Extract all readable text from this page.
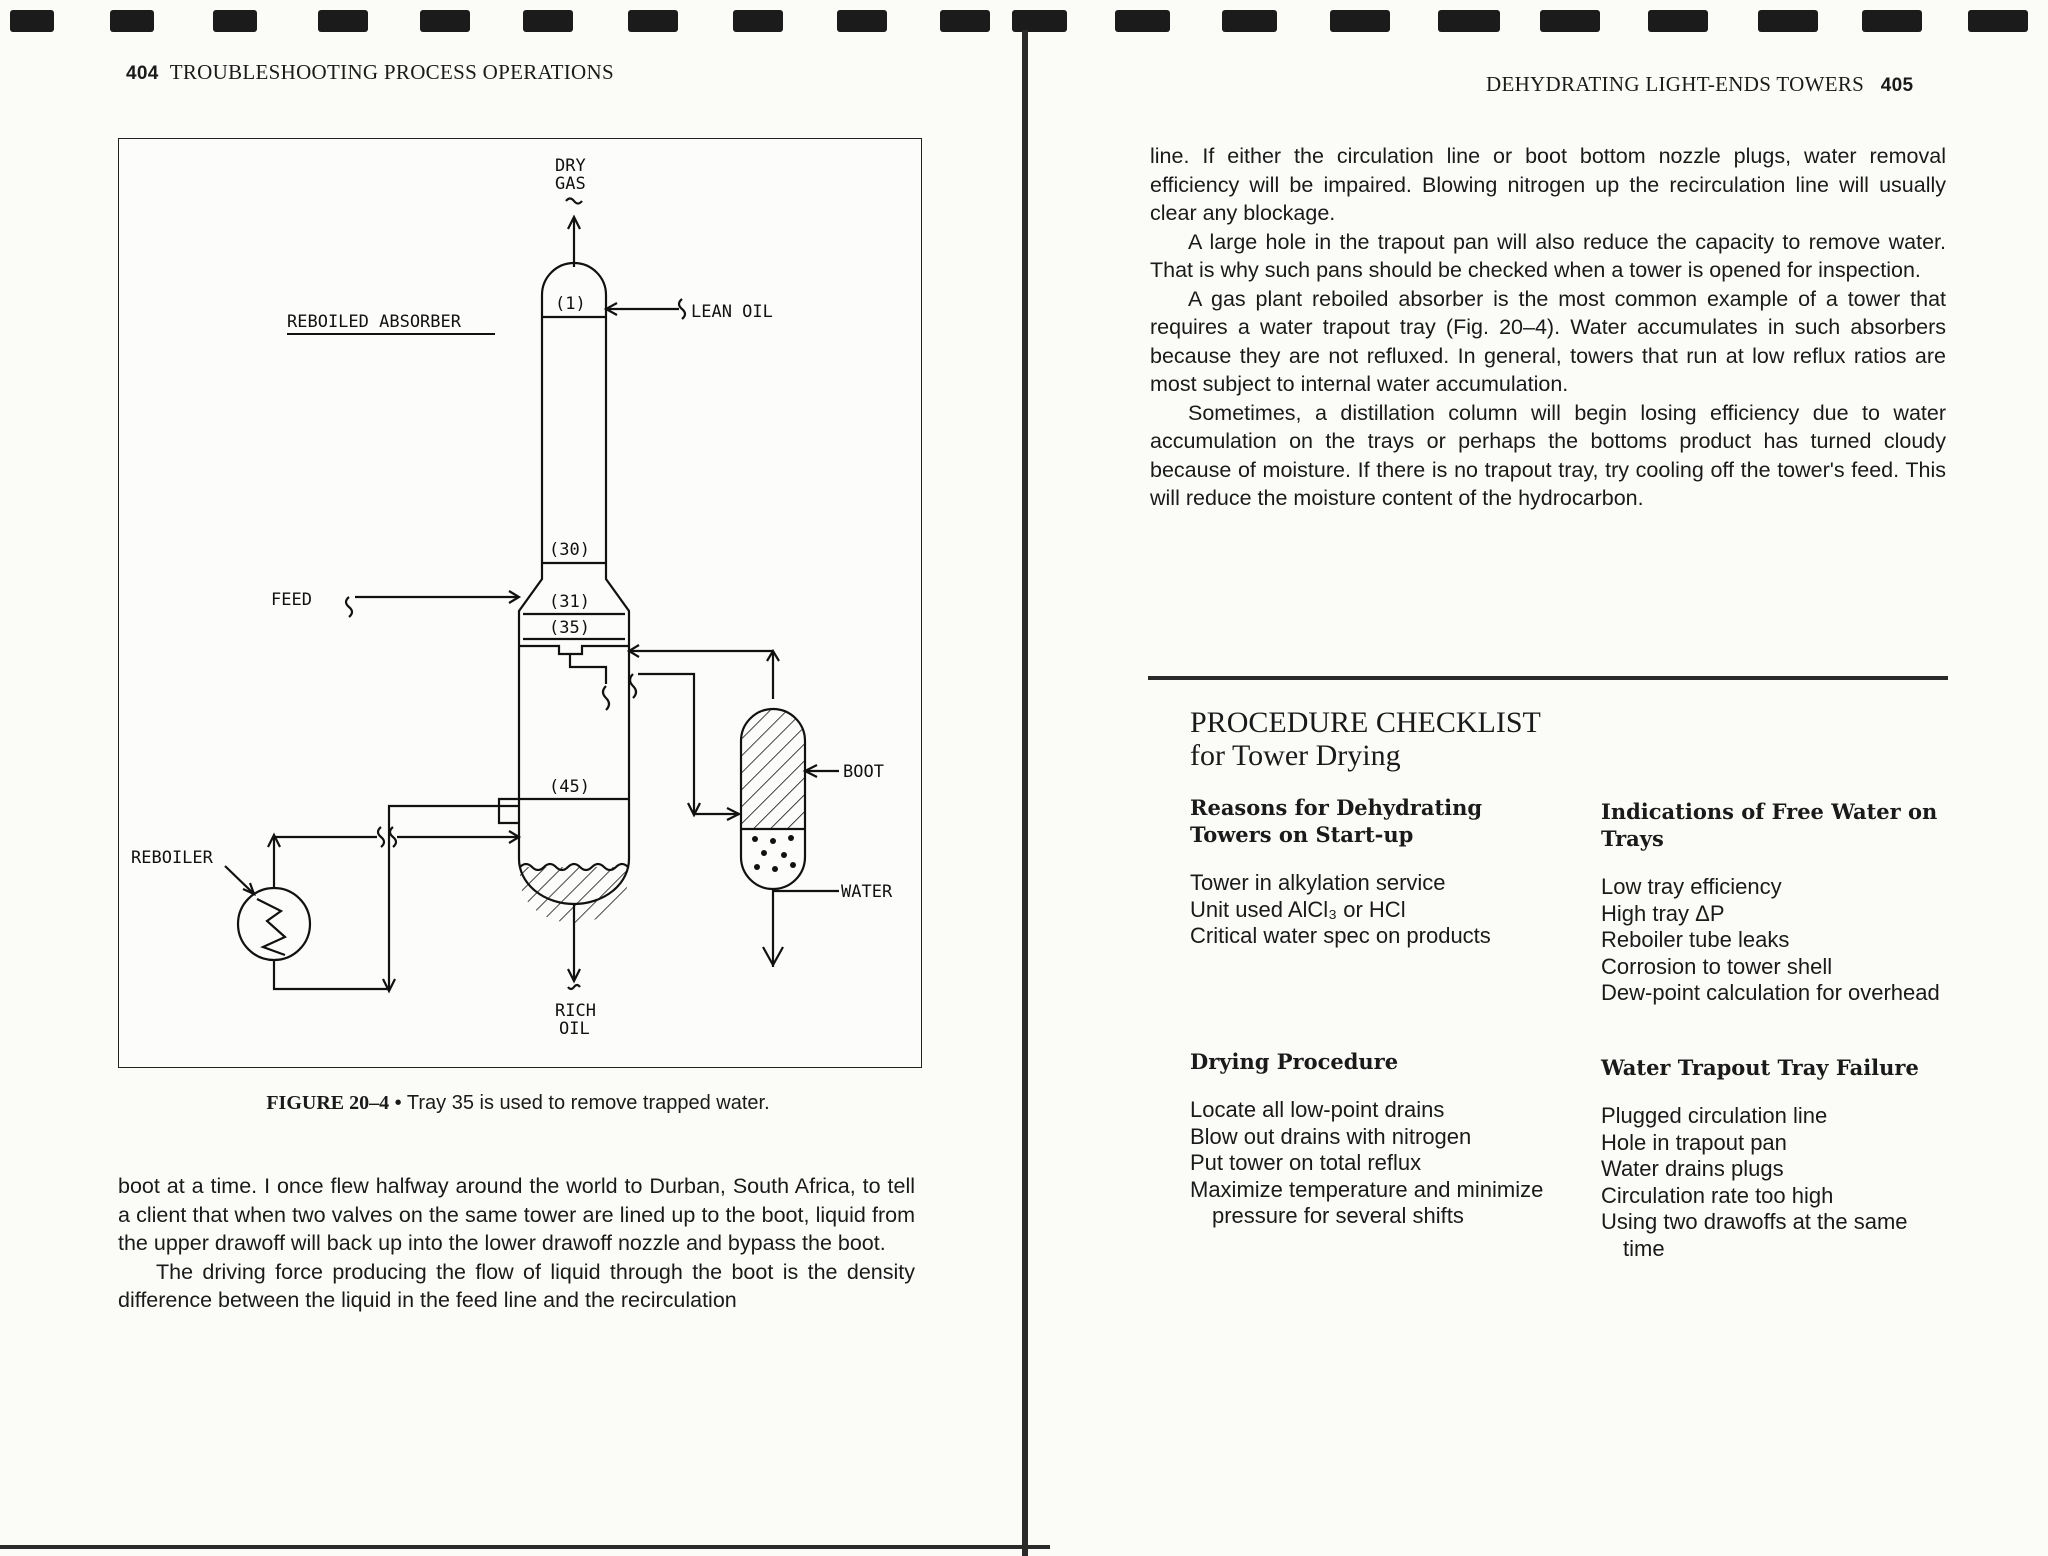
404 TROUBLESHOOTING PROCESS OPERATIONS
DRY
GAS
REBOILED ABSORBER
(1)	LEAN OIL
(30)
FEED	(31)
(35)
BOOT
(45)
REBOILER
WATER
RICH
OIL
FIGURE 20–4 • Tray 35 is used to remove trapped water.

boot at a time. I once flew halfway around the world to Durban, South Africa, to tell a client that when two valves on the same tower are lined up to the boot, liquid from the upper drawoff will back up into the lower drawoff nozzle and bypass the boot.

The driving force producing the flow of liquid through the boot is the density difference between the liquid in the feed line and the recirculation

DEHYDRATING LIGHT-ENDS TOWERS 405

line. If either the circulation line or boot bottom nozzle plugs, water removal efficiency will be impaired. Blowing nitrogen up the recirculation line will usually clear any blockage.

A large hole in the trapout pan will also reduce the capacity to remove water. That is why such pans should be checked when a tower is opened for inspection.

A gas plant reboiled absorber is the most common example of a tower that requires a water trapout tray (Fig. 20–4). Water accumulates in such absorbers because they are not refluxed. In general, towers that run at low reflux ratios are most subject to internal water accumulation.

Sometimes, a distillation column will begin losing efficiency due to water accumulation on the trays or perhaps the bottoms product has turned cloudy because of moisture. If there is no trapout tray, try cooling off the tower's feed. This will reduce the moisture content of the hydrocarbon.

PROCEDURE CHECKLIST
for Tower Drying
Reasons for Dehydrating Towers on Start-up
Tower in alkylation service
Unit used AlCl₃ or HCl
Critical water spec on products
Indications of Free Water on Trays
Low tray efficiency
High tray ΔP
Reboiler tube leaks
Corrosion to tower shell
Dew-point calculation for overhead
Drying Procedure
Locate all low-point drains
Blow out drains with nitrogen
Put tower on total reflux
Maximize temperature and minimize pressure for several shifts
Water Trapout Tray Failure
Plugged circulation line
Hole in trapout pan
Water drains plugs
Circulation rate too high
Using two drawoffs at the same time
